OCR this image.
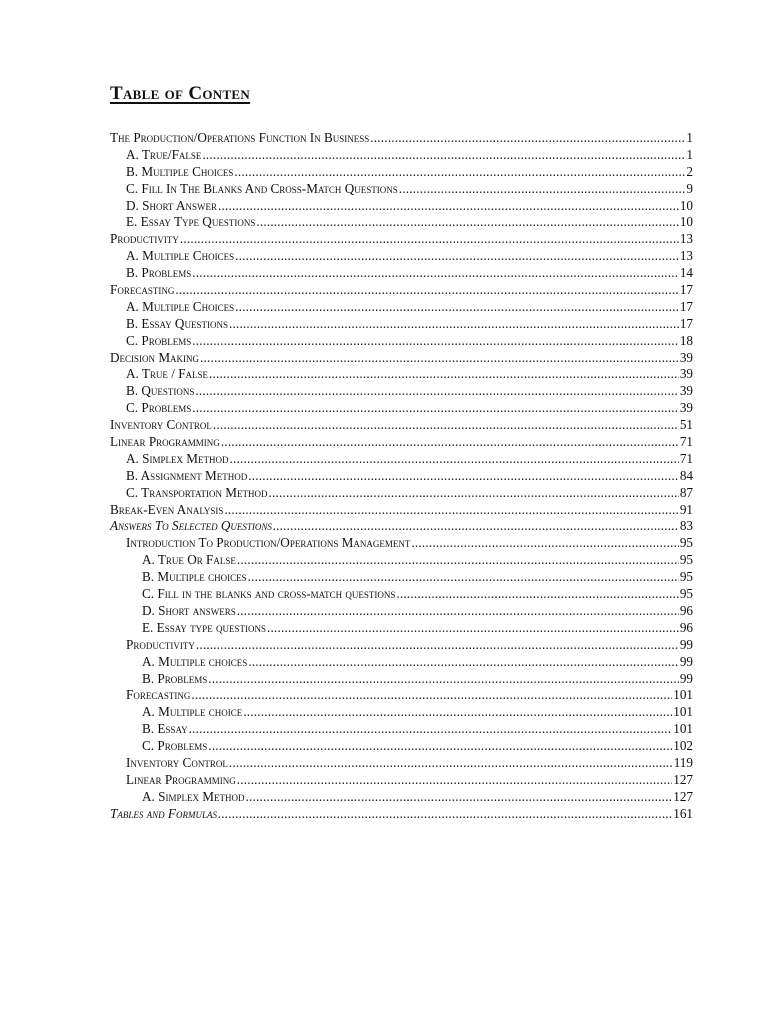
Table of Conten
The Production/Operations Function In Business .....	1
A. True/False .....	1
B. Multiple Choices .....	2
C. Fill In The Blanks And Cross-Match Questions .....	9
D. Short Answer .....	10
E. Essay Type Questions .....	10
Productivity .....	13
A. Multiple Choices .....	13
B. Problems .....	14
Forecasting .....	17
A. Multiple Choices .....	17
B. Essay Questions .....	17
C. Problems .....	18
Decision Making .....	39
A. True / False .....	39
B. Questions .....	39
C. Problems .....	39
Inventory Control .....	51
Linear Programming .....	71
A. Simplex Method .....	71
B. Assignment Method .....	84
C. Transportation Method .....	87
Break-Even Analysis .....	91
Answers To Selected Questions .....	83
Introduction To Production/Operations Management .....	95
A. True Or False .....	95
B. Multiple choices .....	95
C. Fill in the blanks and cross-match questions .....	95
D. Short answers .....	96
E. Essay type questions .....	96
Productivity .....	99
A. Multiple choices .....	99
B. Problems .....	99
Forecasting .....	101
A. Multiple choice .....	101
B. Essay .....	101
C. Problems .....	102
Inventory Control .....	119
Linear Programming .....	127
A. Simplex Method .....	127
Tables and Formulas .....	161
